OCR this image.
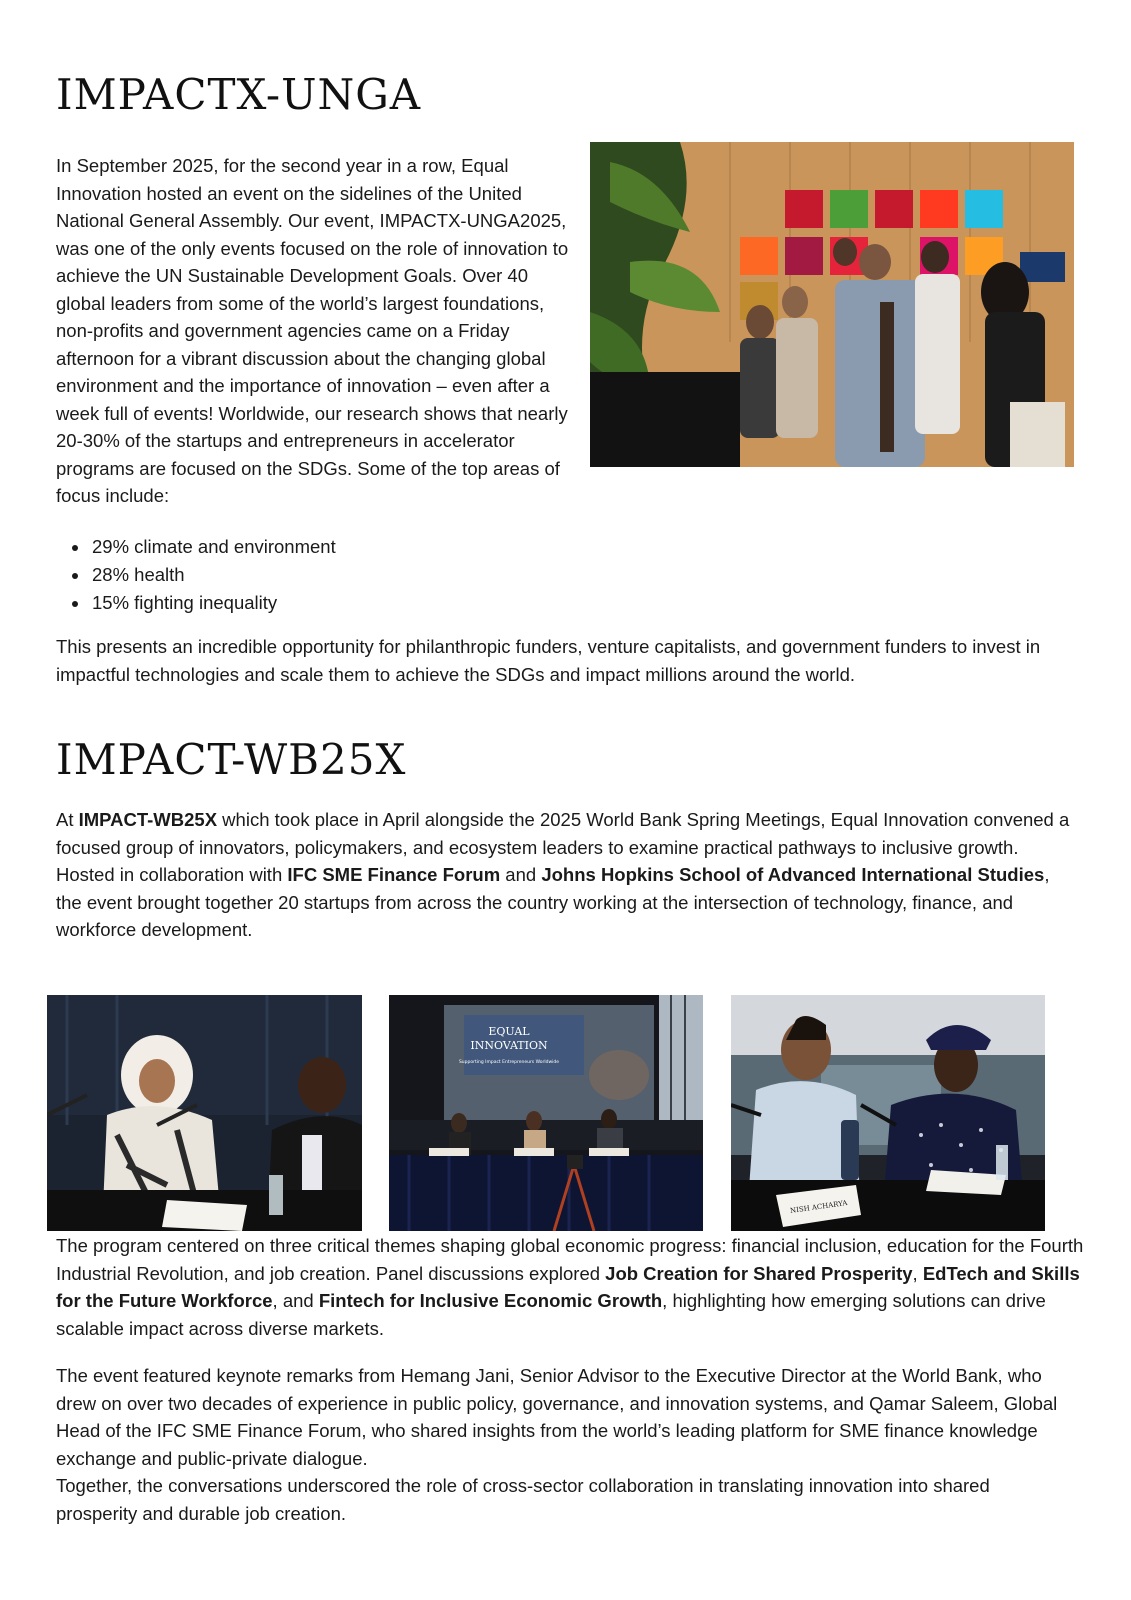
IMPACTX-UNGA

In September 2025, for the second year in a row, Equal Innovation hosted an event on the sidelines of the United National General Assembly. Our event, IMPACTX-UNGA2025, was one of the only events focused on the role of innovation to achieve the UN Sustainable Development Goals. Over 40 global leaders from some of the world’s largest foundations, non-profits and government agencies came on a Friday afternoon for a vibrant discussion about the changing global environment and the importance of innovation – even after a week full of events! Worldwide, our research shows that nearly 20-30% of the startups and entrepreneurs in accelerator programs are focused on the SDGs. Some of the top areas of focus include:

• 29% climate and environment
• 28% health
• 15% fighting inequality

This presents an incredible opportunity for philanthropic funders, venture capitalists, and government funders to invest in impactful technologies and scale them to achieve the SDGs and impact millions around the world.

IMPACT-WB25X

At IMPACT-WB25X which took place in April alongside the 2025 World Bank Spring Meetings, Equal Innovation convened a focused group of innovators, policymakers, and ecosystem leaders to examine practical pathways to inclusive growth. Hosted in collaboration with IFC SME Finance Forum and Johns Hopkins School of Advanced International Studies, the event brought together 20 startups from across the country working at the intersection of technology, finance, and workforce development.

EQUAL
INNOVATION
Supporting Impact Entrepreneurs Worldwide
NISH ACHARYA

The program centered on three critical themes shaping global economic progress: financial inclusion, education for the Fourth Industrial Revolution, and job creation. Panel discussions explored Job Creation for Shared Prosperity, EdTech and Skills for the Future Workforce, and Fintech for Inclusive Economic Growth, highlighting how emerging solutions can drive scalable impact across diverse markets.

The event featured keynote remarks from Hemang Jani, Senior Advisor to the Executive Director at the World Bank, who drew on over two decades of experience in public policy, governance, and innovation systems, and Qamar Saleem, Global Head of the IFC SME Finance Forum, who shared insights from the world’s leading platform for SME finance knowledge exchange and public-private dialogue.
Together, the conversations underscored the role of cross-sector collaboration in translating innovation into shared prosperity and durable job creation.
